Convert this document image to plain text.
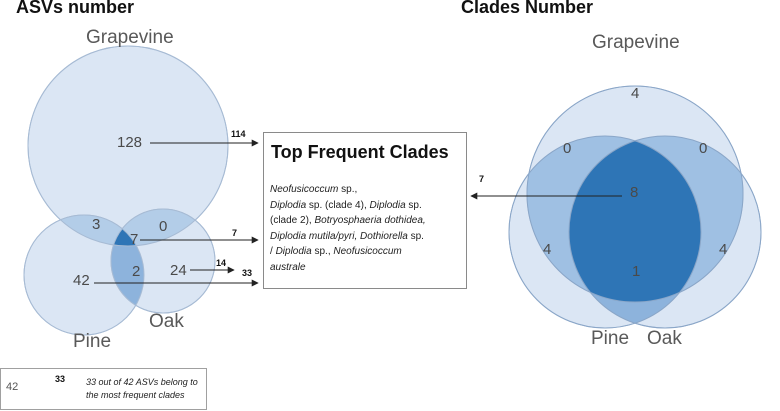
ASVs number
Grapevine
Pine
Oak
128
3	0
7
42
2 24
114
7
14
33
Top Frequent Clades
Neofusicoccum sp.,
Diplodia sp. (clade 4), Diplodia sp.
(clade 2), Botryosphaeria dothidea,
Diplodia mutila/pyri, Dothiorella sp.
/ Diplodia sp., Neofusicoccum
australe
Clades Number
Grapevine
Pine Oak
4
0	0
8
4	4
1
7
42
33 33 out of 42 ASVs belong to the most frequent clades
